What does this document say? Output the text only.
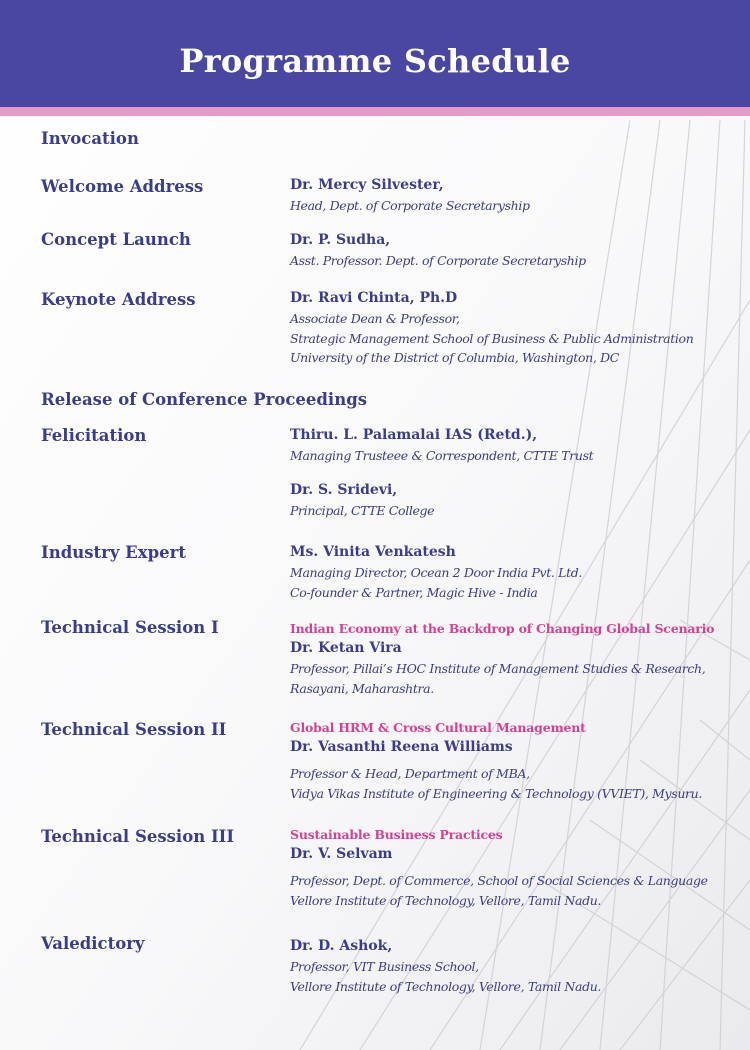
Programme Schedule
Invocation
Welcome Address	Dr. Mercy Silvester,
Head, Dept. of Corporate Secretaryship
Concept Launch	Dr. P. Sudha,
Asst. Professor. Dept. of Corporate Secretaryship
Keynote Address	Dr. Ravi Chinta, Ph.D
Associate Dean & Professor,
Strategic Management School of Business & Public Administration
University of the District of Columbia, Washington, DC
Release of Conference Proceedings
Felicitation	Thiru. L. Palamalai IAS (Retd.),
Managing Trusteee & Correspondent, CTTE Trust
Dr. S. Sridevi,
Principal, CTTE College
Industry Expert	Ms. Vinita Venkatesh
Managing Director, Ocean 2 Door India Pvt. Ltd.
Co-founder & Partner, Magic Hive - India
Technical Session I	Indian Economy at the Backdrop of Changing Global Scenario
Dr. Ketan Vira
Professor, Pillai’s HOC Institute of Management Studies & Research,
Rasayani, Maharashtra.
Technical Session II	Global HRM & Cross Cultural Management
Dr. Vasanthi Reena Williams
Professor & Head, Department of MBA,
Vidya Vikas Institute of Engineering & Technology (VVIET), Mysuru.
Technical Session III	Sustainable Business Practices
Dr. V. Selvam
Professor, Dept. of Commerce, School of Social Sciences & Language
Vellore Institute of Technology, Vellore, Tamil Nadu.
Valedictory	Dr. D. Ashok,
Professor, VIT Business School,
Vellore Institute of Technology, Vellore, Tamil Nadu.
